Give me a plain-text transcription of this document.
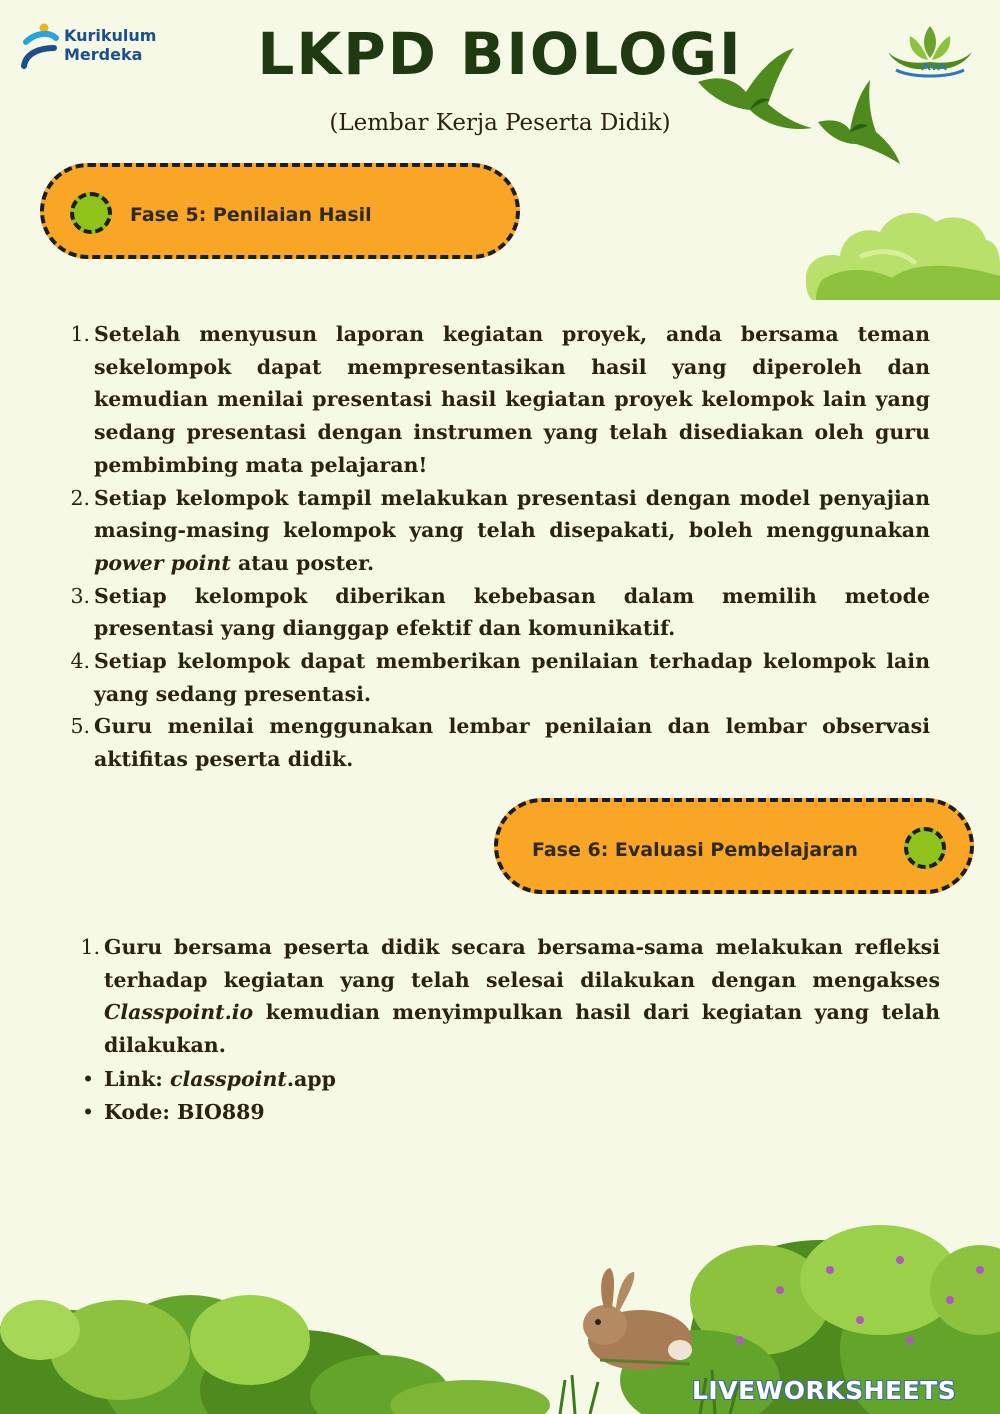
Kurikulum
Merdeka	LKPD BIOLOGI

(Lembar Kerja Peserta Didik)

Fase 5: Penilaian Hasil
1. Setelah menyusun laporan kegiatan proyek, anda bersama teman sekelompok dapat mempresentasikan hasil yang diperoleh dan kemudian menilai presentasi hasil kegiatan proyek kelompok lain yang sedang presentasi dengan instrumen yang telah disediakan oleh guru pembimbing mata pelajaran!
2. Setiap kelompok tampil melakukan presentasi dengan model penyajian masing-masing kelompok yang telah disepakati, boleh menggunakan power point atau poster.
3. Setiap kelompok diberikan kebebasan dalam memilih metode presentasi yang dianggap efektif dan komunikatif.
4. Setiap kelompok dapat memberikan penilaian terhadap kelompok lain yang sedang presentasi.
5. Guru menilai menggunakan lembar penilaian dan lembar observasi aktifitas peserta didik.
Fase 6: Evaluasi Pembelajaran
1. Guru bersama peserta didik secara bersama-sama melakukan refleksi terhadap kegiatan yang telah selesai dilakukan dengan mengakses Classpoint.io kemudian menyimpulkan hasil dari kegiatan yang telah dilakukan.
• Link: classpoint.app
• Kode: BIO889
LIVEWORKSHEETS
